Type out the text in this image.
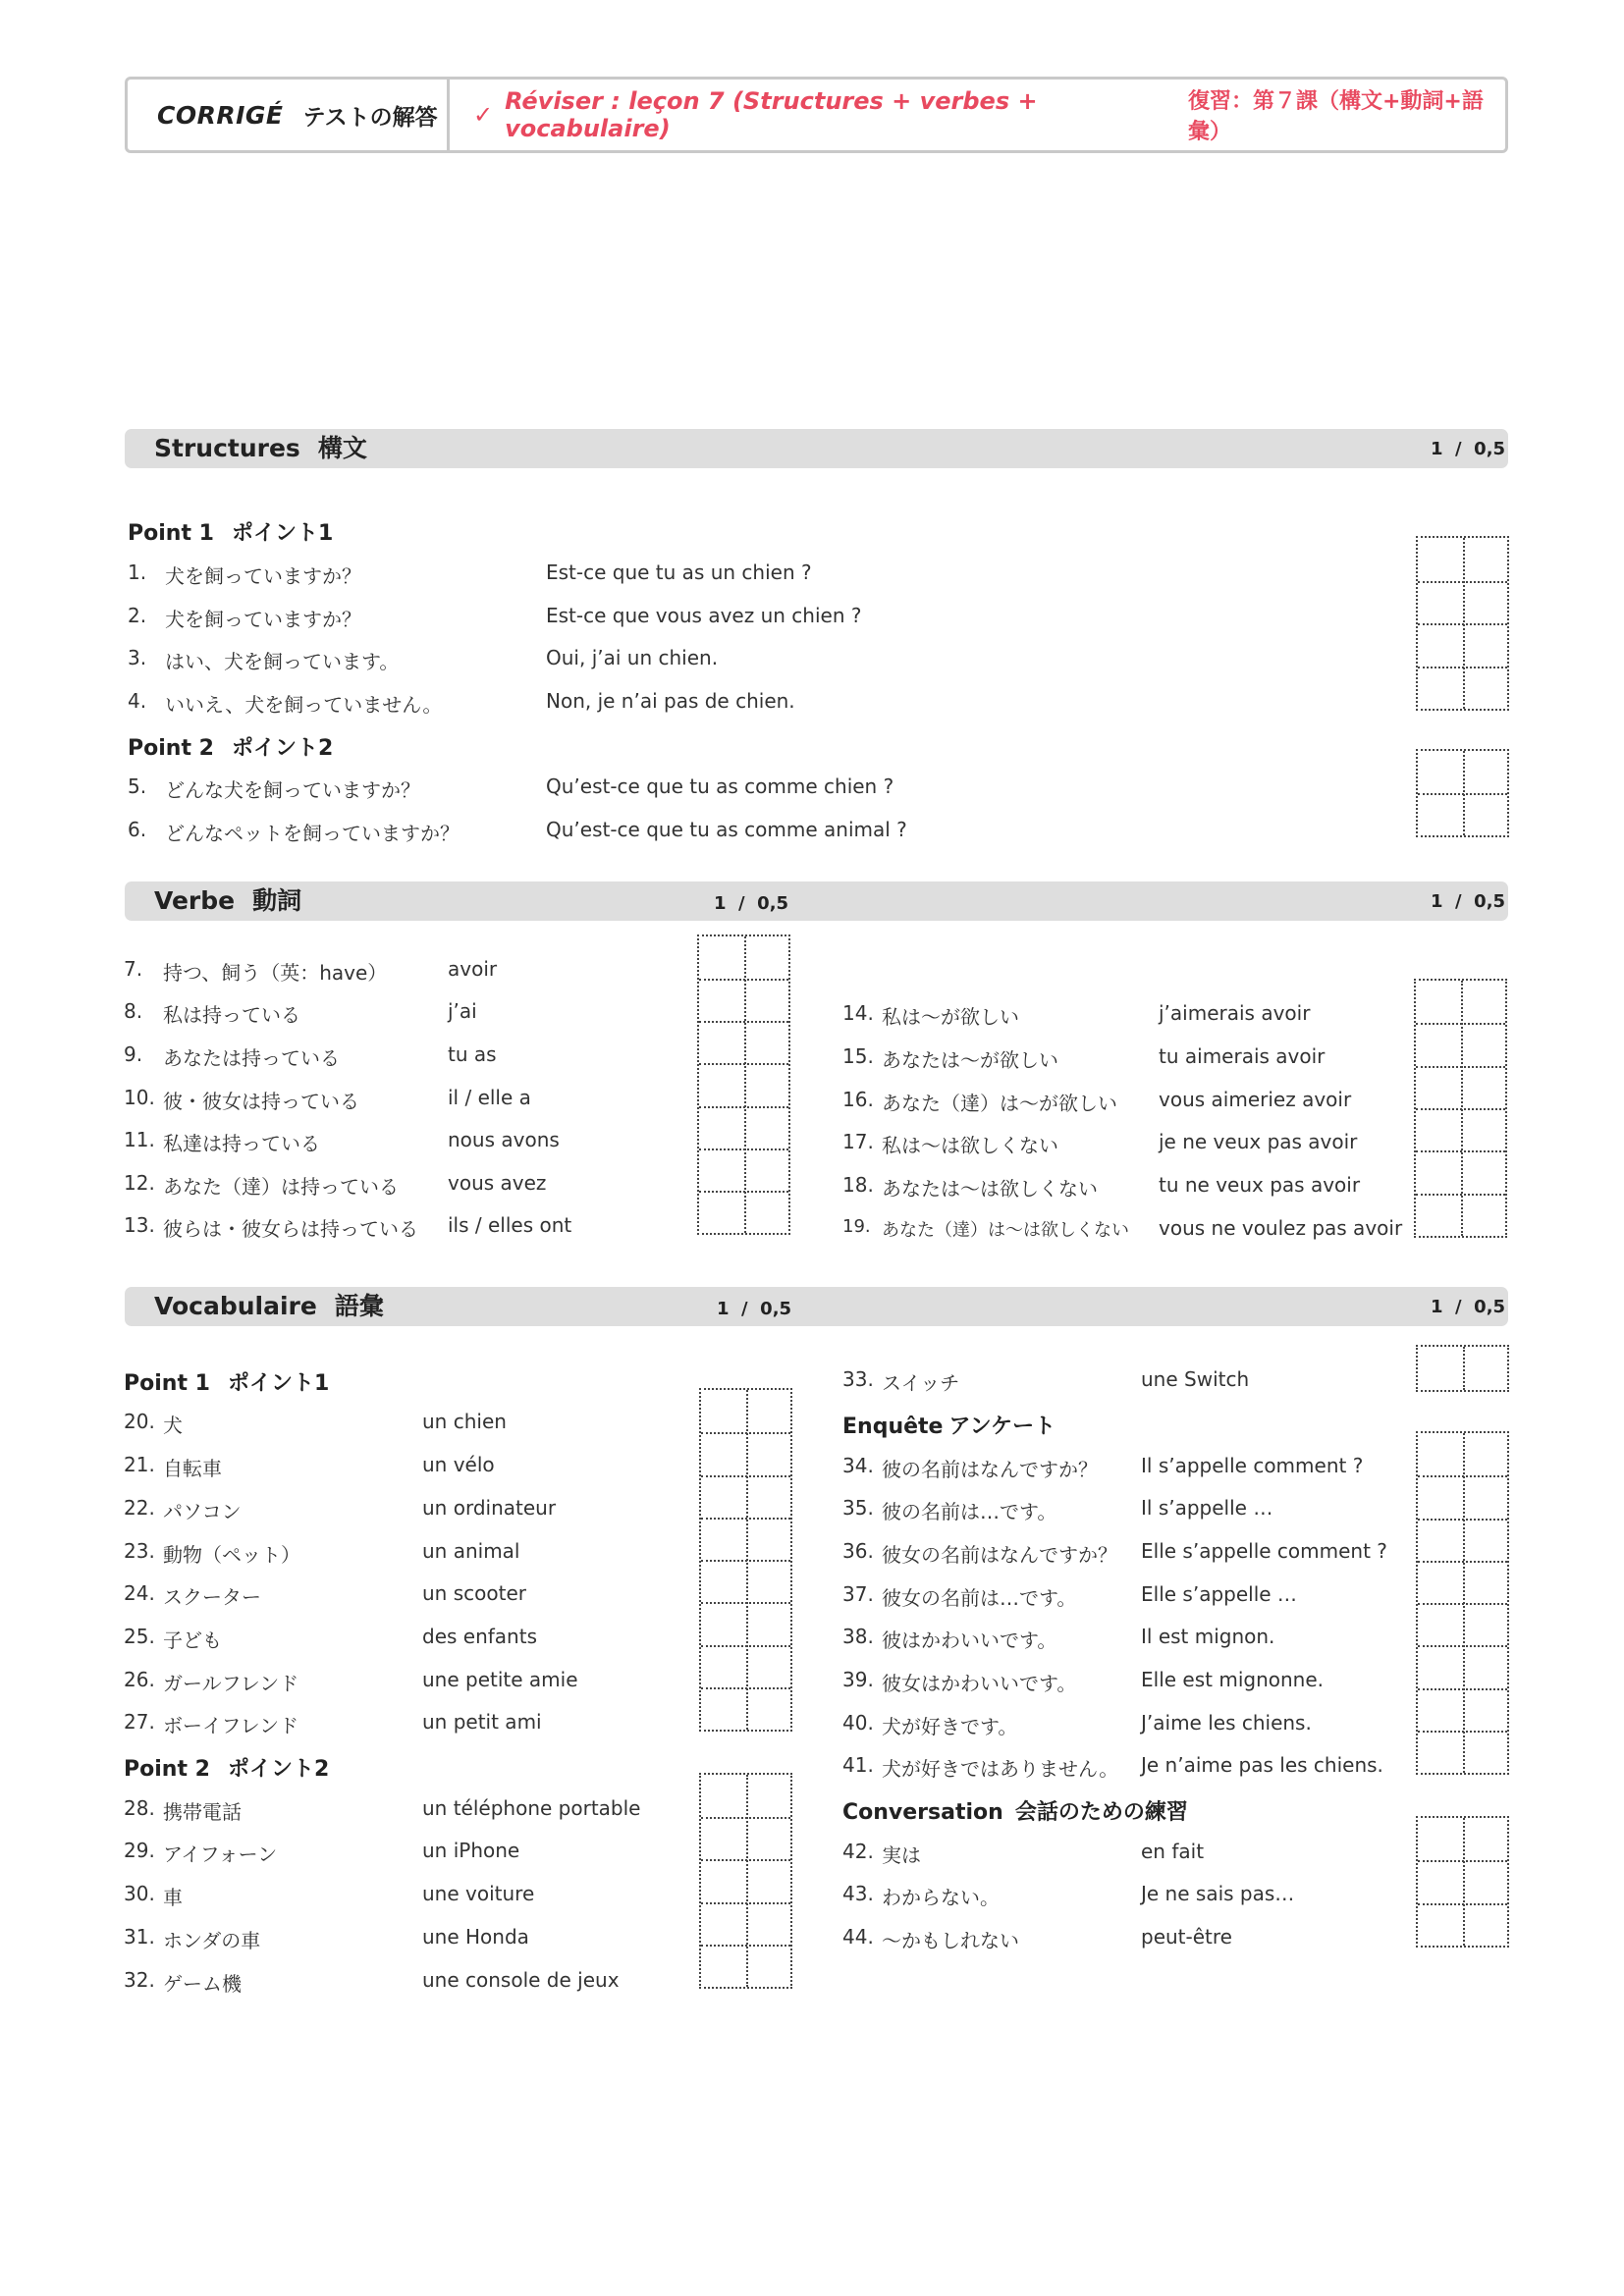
CORRIGÉ テストの解答 ✓ Réviser : leçon 7 (Structures + verbes + vocabulaire)
復習：第７課（構文+動詞+語彙）
Structures 構文	1  /  0,5
Point 1 ポイント1
1. 犬を飼っていますか？	Est-ce que tu as un chien ?
2. 犬を飼っていますか？	Est-ce que vous avez un chien ?
3. はい、犬を飼っています。	Oui, j’ai un chien.
4. いいえ、犬を飼っていません。	Non, je n’ai pas de chien.
Point 2 ポイント2
5. どんな犬を飼っていますか？	Qu’est-ce que tu as comme chien ?
6. どんなペットを飼っていますか？	Qu’est-ce que tu as comme animal ?
Verbe 動詞	1  /  0,5	1  /  0,5
7. 持つ、飼う（英：have）	avoir
8. 私は持っている	j’ai
9. あなたは持っている	tu as
10. 彼・彼女は持っている	il / elle a
11. 私達は持っている	nous avons
12. あなた（達）は持っている	vous avez
13. 彼らは・彼女らは持っている ils / elles ont
14. 私は～が欲しい	j’aimerais avoir
15. あなたは～が欲しい	tu aimerais avoir
16. あなた（達）は～が欲しい vous aimeriez avoir
17. 私は～は欲しくない	je ne veux pas avoir
18. あなたは～は欲しくない	tu ne veux pas avoir
19. あなた（達）は～は欲しくない vous ne voulez pas avoir
Vocabulaire 語彙	1  /  0,5	1  /  0,5
Point 1 ポイント1
20. 犬	un chien
21. 自転車	un vélo
22. パソコン	un ordinateur
23. 動物（ペット）	un animal
24. スクーター	un scooter
25. 子ども	des enfants
26. ガールフレンド	une petite amie
27. ボーイフレンド	un petit ami
Point 2 ポイント2
28. 携帯電話	un téléphone portable
29. アイフォーン	un iPhone
30. 車	une voiture
31. ホンダの車	une Honda
32. ゲーム機	une console de jeux
33. スイッチ	une Switch
Enquête アンケート
34. 彼の名前はなんですか？ Il s’appelle comment ?
35. 彼の名前は…です。	Il s’appelle …
36. 彼女の名前はなんですか？ Elle s’appelle comment ?
37. 彼女の名前は…です。	Elle s’appelle …
38. 彼はかわいいです。	Il est mignon.
39. 彼女はかわいいです。	Elle est mignonne.
40. 犬が好きです。	J’aime les chiens.
41. 犬が好きではありません。 Je n’aime pas les chiens.
Conversation 会話のための練習
42. 実は	en fait
43. わからない。	Je ne sais pas…
44. ～かもしれない	peut-être
